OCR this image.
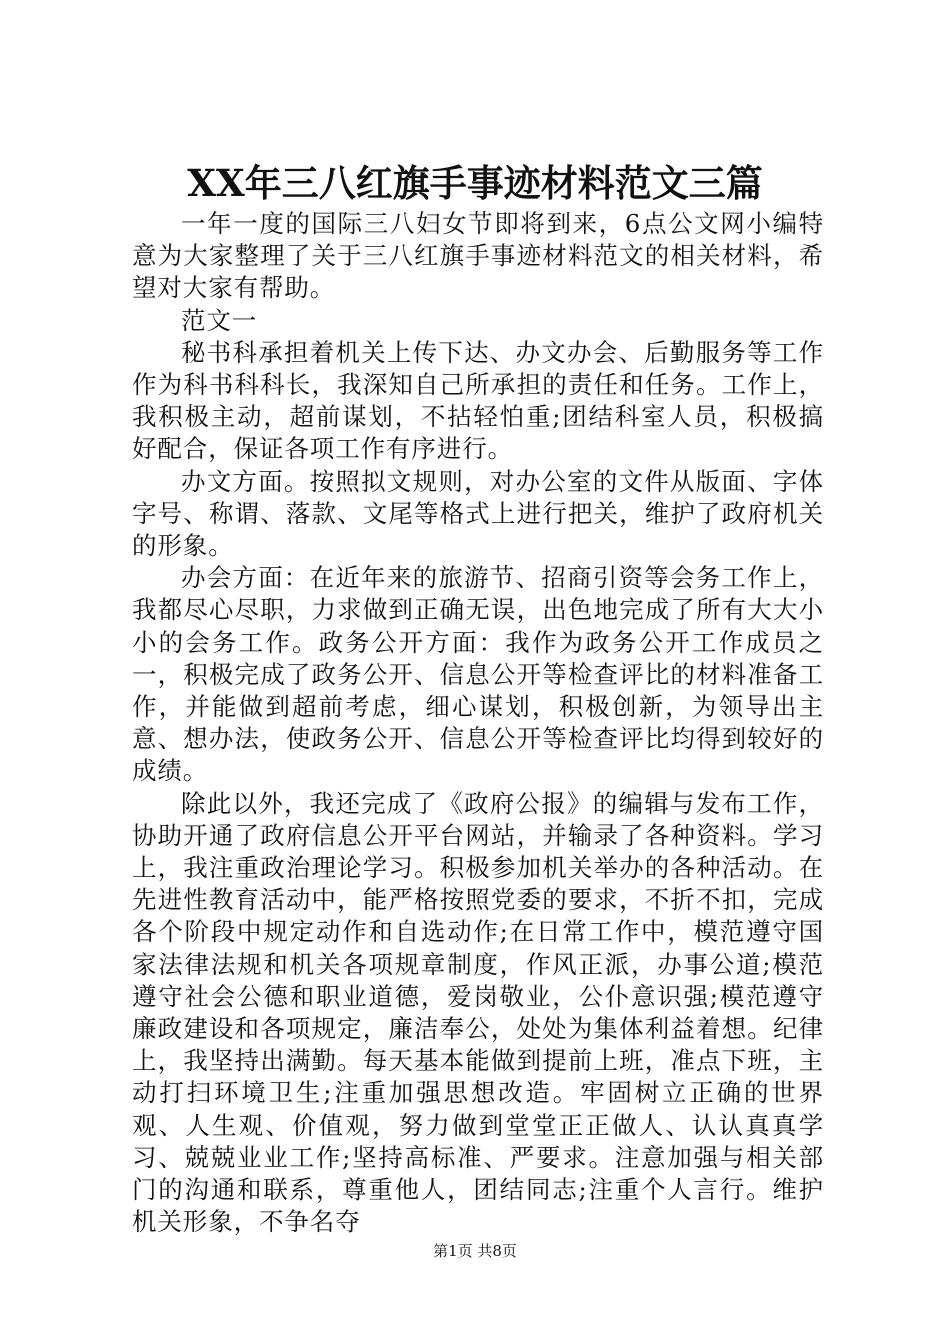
XX年三八红旗手事迹材料范文三篇

一年一度的国际三八妇女节即将到来，6点公文网小编特意为大家整理了关于三八红旗手事迹材料范文的相关材料，希望对大家有帮助。

范文一

秘书科承担着机关上传下达、办文办会、后勤服务等工作作为科书科科长，我深知自己所承担的责任和任务。工作上，我积极主动，超前谋划，不拈轻怕重;团结科室人员，积极搞好配合，保证各项工作有序进行。

办文方面。按照拟文规则，对办公室的文件从版面、字体字号、称谓、落款、文尾等格式上进行把关，维护了政府机关的形象。

办会方面：在近年来的旅游节、招商引资等会务工作上，我都尽心尽职，力求做到正确无误，出色地完成了所有大大小小的会务工作。政务公开方面：我作为政务公开工作成员之一，积极完成了政务公开、信息公开等检查评比的材料准备工作，并能做到超前考虑，细心谋划，积极创新，为领导出主意、想办法，使政务公开、信息公开等检查评比均得到较好的成绩。

除此以外，我还完成了《政府公报》的编辑与发布工作，协助开通了政府信息公开平台网站，并输录了各种资料。学习上，我注重政治理论学习。积极参加机关举办的各种活动。在先进性教育活动中，能严格按照党委的要求，不折不扣，完成各个阶段中规定动作和自选动作;在日常工作中，模范遵守国家法律法规和机关各项规章制度，作风正派，办事公道;模范遵守社会公德和职业道德，爱岗敬业，公仆意识强;模范遵守廉政建设和各项规定，廉洁奉公，处处为集体利益着想。纪律上，我坚持出满勤。每天基本能做到提前上班，准点下班，主动打扫环境卫生;注重加强思想改造。牢固树立正确的世界观、人生观、价值观，努力做到堂堂正正做人、认认真真学习、兢兢业业工作;坚持高标准、严要求。注意加强与相关部门的沟通和联系，尊重他人，团结同志;注重个人言行。维护机关形象，不争名夺

第1页 共8页
